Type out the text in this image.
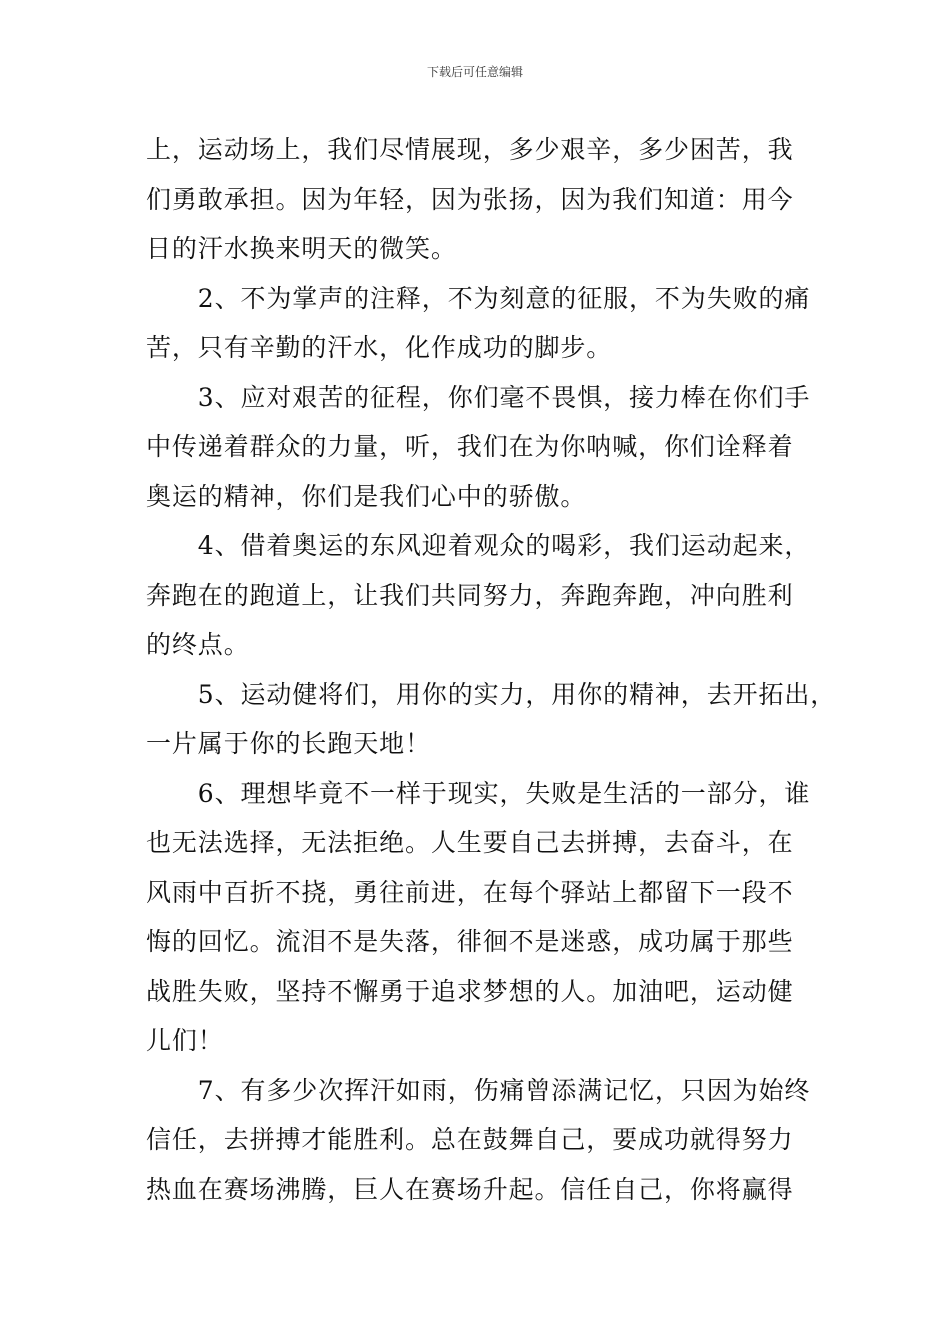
下载后可任意编辑
上，运动场上，我们尽情展现，多少艰辛，多少困苦，我
们勇敢承担。因为年轻，因为张扬，因为我们知道：用今
日的汗水换来明天的微笑。
　　2、不为掌声的注释，不为刻意的征服，不为失败的痛
苦，只有辛勤的汗水，化作成功的脚步。
　　3、应对艰苦的征程，你们毫不畏惧，接力棒在你们手
中传递着群众的力量，听，我们在为你呐喊，你们诠释着
奥运的精神，你们是我们心中的骄傲。
　　4、借着奥运的东风迎着观众的喝彩，我们运动起来，
奔跑在的跑道上，让我们共同努力，奔跑奔跑，冲向胜利
的终点。
　　5、运动健将们，用你的实力，用你的精神，去开拓出，
一片属于你的长跑天地！
　　6、理想毕竟不一样于现实，失败是生活的一部分，谁
也无法选择，无法拒绝。人生要自己去拼搏，去奋斗，在
风雨中百折不挠，勇往前进，在每个驿站上都留下一段不
悔的回忆。流泪不是失落，徘徊不是迷惑，成功属于那些
战胜失败，坚持不懈勇于追求梦想的人。加油吧，运动健
儿们！
　　7、有多少次挥汗如雨，伤痛曾添满记忆，只因为始终
信任，去拼搏才能胜利。总在鼓舞自己，要成功就得努力
热血在赛场沸腾，巨人在赛场升起。信任自己，你将赢得
